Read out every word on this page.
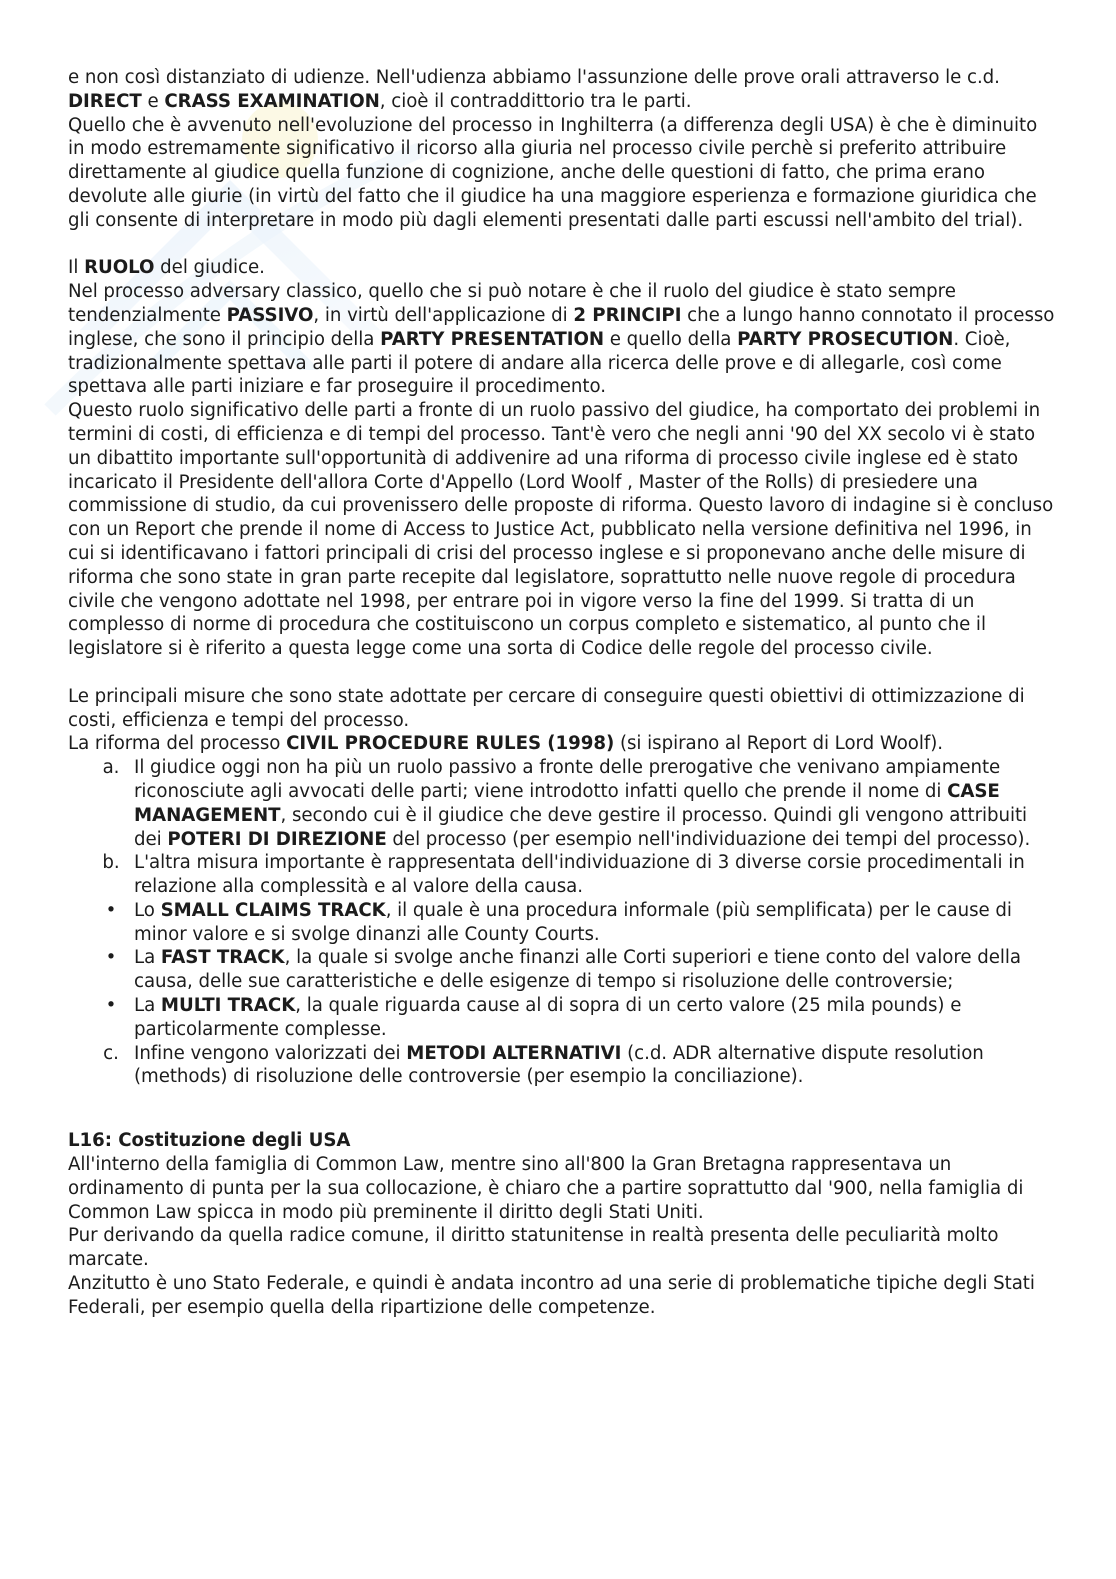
e non così distanziato di udienze. Nell'udienza abbiamo l'assunzione delle prove orali attraverso le c.d. DIRECT e CRASS EXAMINATION, cioè il contraddittorio tra le parti.

Quello che è avvenuto nell'evoluzione del processo in Inghilterra (a differenza degli USA) è che è diminuito in modo estremamente significativo il ricorso alla giuria nel processo civile perchè si preferito attribuire direttamente al giudice quella funzione di cognizione, anche delle questioni di fatto, che prima erano devolute alle giurie (in virtù del fatto che il giudice ha una maggiore esperienza e formazione giuridica che gli consente di interpretare in modo più dagli elementi presentati dalle parti escussi nell'ambito del trial).

Il RUOLO del giudice.

Nel processo adversary classico, quello che si può notare è che il ruolo del giudice è stato sempre tendenzialmente PASSIVO, in virtù dell'applicazione di 2 PRINCIPI che a lungo hanno connotato il processo inglese, che sono il principio della PARTY PRESENTATION e quello della PARTY PROSECUTION. Cioè, tradizionalmente spettava alle parti il potere di andare alla ricerca delle prove e di allegarle, così come spettava alle parti iniziare e far proseguire il procedimento.

Questo ruolo significativo delle parti a fronte di un ruolo passivo del giudice, ha comportato dei problemi in termini di costi, di efficienza e di tempi del processo. Tant'è vero che negli anni '90 del XX secolo vi è stato un dibattito importante sull'opportunità di addivenire ad una riforma di processo civile inglese ed è stato incaricato il Presidente dell'allora Corte d'Appello (Lord Woolf , Master of the Rolls) di presiedere una commissione di studio, da cui provenissero delle proposte di riforma. Questo lavoro di indagine si è concluso con un Report che prende il nome di Access to Justice Act, pubblicato nella versione definitiva nel 1996, in cui si identificavano i fattori principali di crisi del processo inglese e si proponevano anche delle misure di riforma che sono state in gran parte recepite dal legislatore, soprattutto nelle nuove regole di procedura civile che vengono adottate nel 1998, per entrare poi in vigore verso la fine del 1999. Si tratta di un complesso di norme di procedura che costituiscono un corpus completo e sistematico, al punto che il legislatore si è riferito a questa legge come una sorta di Codice delle regole del processo civile.

Le principali misure che sono state adottate per cercare di conseguire questi obiettivi di ottimizzazione di costi, efficienza e tempi del processo.

La riforma del processo CIVIL PROCEDURE RULES (1998) (si ispirano al Report di Lord Woolf).

a. Il giudice oggi non ha più un ruolo passivo a fronte delle prerogative che venivano ampiamente riconosciute agli avvocati delle parti; viene introdotto infatti quello che prende il nome di CASE MANAGEMENT, secondo cui è il giudice che deve gestire il processo. Quindi gli vengono attribuiti dei POTERI DI DIREZIONE del processo (per esempio nell'individuazione dei tempi del processo).
b. L'altra misura importante è rappresentata dell'individuazione di 3 diverse corsie procedimentali in relazione alla complessità e al valore della causa.
• Lo SMALL CLAIMS TRACK, il quale è una procedura informale (più semplificata) per le cause di minor valore e si svolge dinanzi alle County Courts.
• La FAST TRACK, la quale si svolge anche finanzi alle Corti superiori e tiene conto del valore della causa, delle sue caratteristiche e delle esigenze di tempo si risoluzione delle controversie;
• La MULTI TRACK, la quale riguarda cause al di sopra di un certo valore (25 mila pounds) e particolarmente complesse.
c. Infine vengono valorizzati dei METODI ALTERNATIVI (c.d. ADR alternative dispute resolution (methods) di risoluzione delle controversie (per esempio la conciliazione).

L16: Costituzione degli USA

All'interno della famiglia di Common Law, mentre sino all'800 la Gran Bretagna rappresentava un ordinamento di punta per la sua collocazione, è chiaro che a partire soprattutto dal '900, nella famiglia di Common Law spicca in modo più preminente il diritto degli Stati Uniti.

Pur derivando da quella radice comune, il diritto statunitense in realtà presenta delle peculiarità molto marcate.

Anzitutto è uno Stato Federale, e quindi è andata incontro ad una serie di problematiche tipiche degli Stati Federali, per esempio quella della ripartizione delle competenze.
